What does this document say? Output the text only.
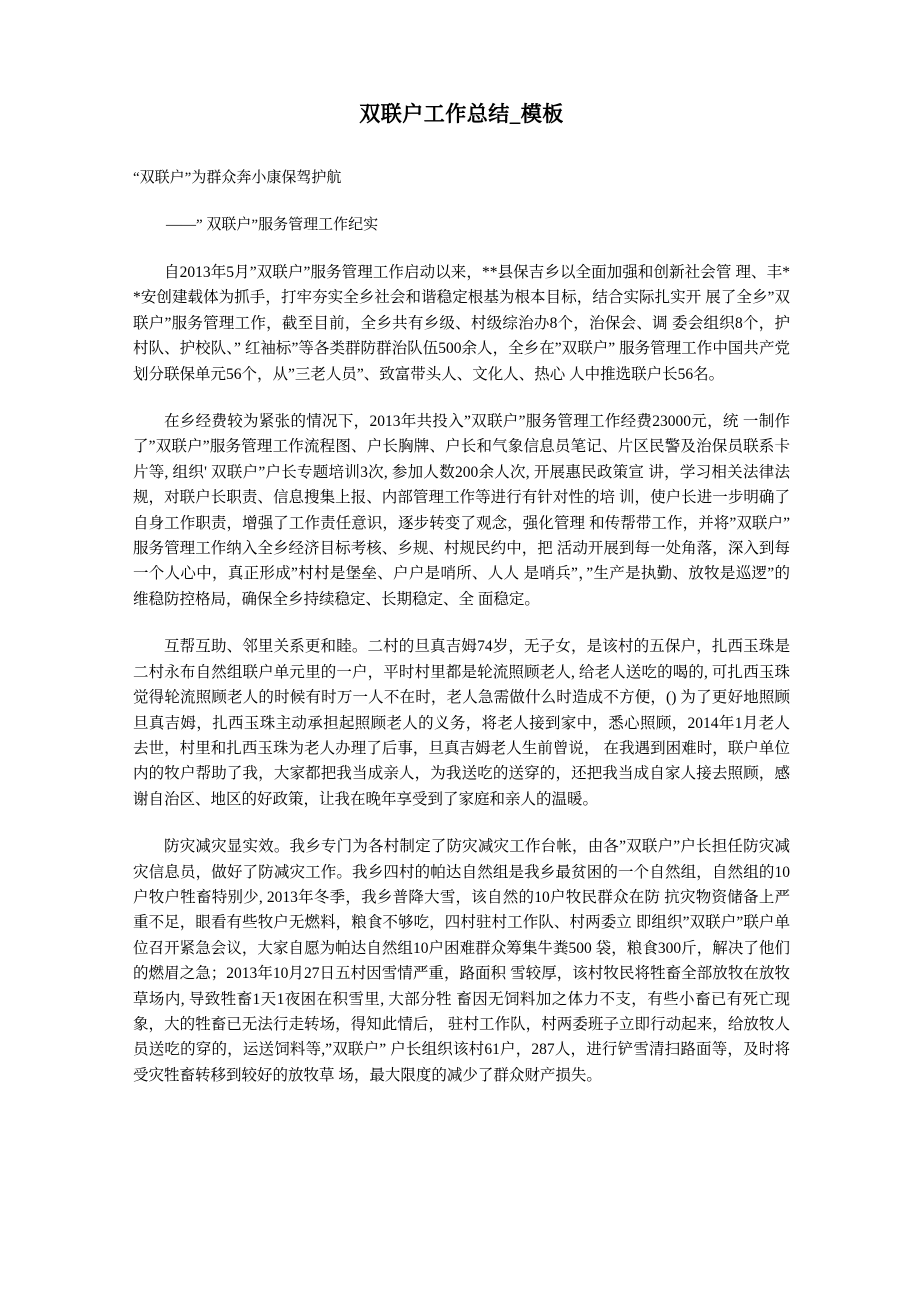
双联户工作总结_模板

“双联户”为群众奔小康保驾护航

——” 双联户”服务管理工作纪实

自2013年5月”双联户”服务管理工作启动以来，**县保吉乡以全面加强和创新社会管 理、丰**安创建载体为抓手，打牢夯实全乡社会和谐稳定根基为根本目标，结合实际扎实开 展了全乡”双联户”服务管理工作，截至目前，全乡共有乡级、村级综治办8个，治保会、调 委会组织8个，护村队、护校队、” 红袖标”等各类群防群治队伍500余人，全乡在”双联户” 服务管理工作中国共产党划分联保单元56个，从”三老人员”、致富带头人、文化人、热心 人中推选联户长56名。

在乡经费较为紧张的情况下，2013年共投入”双联户”服务管理工作经费23000元，统 一制作了”双联户”服务管理工作流程图、户长胸牌、户长和气象信息员笔记、片区民警及治保员联系卡片等, 组织' 双联户”户长专题培训3次, 参加人数200余人次, 开展惠民政策宣 讲，学习相关法律法规，对联户长职责、信息搜集上报、内部管理工作等进行有针对性的培 训，使户长进一步明确了自身工作职责，增强了工作责任意识，逐步转变了观念，强化管理 和传帮带工作，并将”双联户”服务管理工作纳入全乡经济目标考核、乡规、村规民约中，把 活动开展到每一处角落，深入到每一个人心中，真正形成”村村是堡垒、户户是哨所、人人 是哨兵”，”生产是执勤、放牧是巡逻”的维稳防控格局，确保全乡持续稳定、长期稳定、全 面稳定。

互帮互助、邻里关系更和睦。二村的旦真吉姆74岁，无子女，是该村的五保户，扎西玉珠是二村永布自然组联户单元里的一户，平时村里都是轮流照顾老人, 给老人送吃的喝的, 可扎西玉珠觉得轮流照顾老人的时候有时万一人不在时，老人急需做什么时造成不方便，() 为了更好地照顾旦真吉姆，扎西玉珠主动承担起照顾老人的义务，将老人接到家中，悉心照顾，2014年1月老人去世，村里和扎西玉珠为老人办理了后事，旦真吉姆老人生前曾说， 在我遇到困难时，联户单位内的牧户帮助了我，大家都把我当成亲人，为我送吃的送穿的，还把我当成自家人接去照顾，感谢自治区、地区的好政策，让我在晚年享受到了家庭和亲人的温暖。

防灾减灾显实效。我乡专门为各村制定了防灾减灾工作台帐，由各”双联户”户长担任防灾减灾信息员，做好了防减灾工作。我乡四村的帕达自然组是我乡最贫困的一个自然组，自然组的10户牧户牲畜特别少, 2013年冬季，我乡普降大雪，该自然的10户牧民群众在防 抗灾物资储备上严重不足，眼看有些牧户无燃料，粮食不够吃，四村驻村工作队、村两委立 即组织”双联户”联户单位召开紧急会议，大家自愿为帕达自然组10户困难群众筹集牛粪500 袋，粮食300斤，解决了他们的燃眉之急；2013年10月27日五村因雪情严重，路面积 雪较厚，该村牧民将牲畜全部放牧在放牧草场内, 导致牲畜1天1夜困在积雪里, 大部分牲 畜因无饲料加之体力不支，有些小畜已有死亡现象，大的牲畜已无法行走转场，得知此情后， 驻村工作队，村两委班子立即行动起来，给放牧人员送吃的穿的，运送饲料等,”双联户” 户长组织该村61户，287人，进行铲雪清扫路面等，及时将受灾牲畜转移到较好的放牧草 场，最大限度的减少了群众财产损失。
